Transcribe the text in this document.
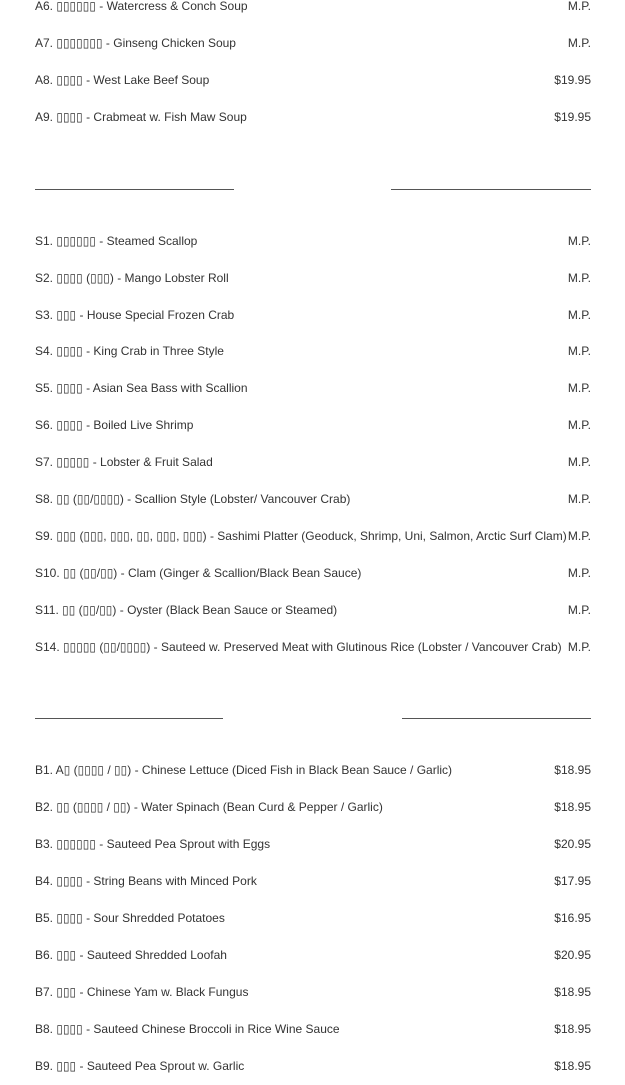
A6. ▯▯▯▯▯▯ - Watercress & Conch Soup	M.P.
A7. ▯▯▯▯▯▯▯ - Ginseng Chicken Soup	M.P.
A8. ▯▯▯▯ - West Lake Beef Soup	$19.95
A9. ▯▯▯▯ - Crabmeat w. Fish Maw Soup	$19.95
S1. ▯▯▯▯▯▯ - Steamed Scallop	M.P.
S2. ▯▯▯▯ (▯▯▯) - Mango Lobster Roll	M.P.
S3. ▯▯▯ - House Special Frozen Crab	M.P.
S4. ▯▯▯▯ - King Crab in Three Style	M.P.
S5. ▯▯▯▯ - Asian Sea Bass with Scallion	M.P.
S6. ▯▯▯▯ - Boiled Live Shrimp	M.P.
S7. ▯▯▯▯▯ - Lobster & Fruit Salad	M.P.
S8. ▯▯ (▯▯/▯▯▯▯) - Scallion Style (Lobster/ Vancouver Crab)	M.P.
S9. ▯▯▯ (▯▯▯, ▯▯▯, ▯▯, ▯▯▯, ▯▯▯) - Sashimi Platter (Geoduck, Shrimp, Uni, Salmon, Arctic Surf Clam) M.P.
S10. ▯▯ (▯▯/▯▯) - Clam (Ginger & Scallion/Black Bean Sauce)	M.P.
S11. ▯▯ (▯▯/▯▯) - Oyster (Black Bean Sauce or Steamed)	M.P.
S14. ▯▯▯▯▯ (▯▯/▯▯▯▯) - Sauteed w. Preserved Meat with Glutinous Rice (Lobster / Vancouver Crab) M.P.
B1. A▯ (▯▯▯▯ / ▯▯) - Chinese Lettuce (Diced Fish in Black Bean Sauce / Garlic)	$18.95
B2. ▯▯ (▯▯▯▯ / ▯▯) - Water Spinach (Bean Curd & Pepper / Garlic)	$18.95
B3. ▯▯▯▯▯▯ - Sauteed Pea Sprout with Eggs	$20.95
B4. ▯▯▯▯ - String Beans with Minced Pork	$17.95
B5. ▯▯▯▯ - Sour Shredded Potatoes	$16.95
B6. ▯▯▯ - Sauteed Shredded Loofah	$20.95
B7. ▯▯▯ - Chinese Yam w. Black Fungus	$18.95
B8. ▯▯▯▯ - Sauteed Chinese Broccoli in Rice Wine Sauce	$18.95
B9. ▯▯▯ - Sauteed Pea Sprout w. Garlic	$18.95
